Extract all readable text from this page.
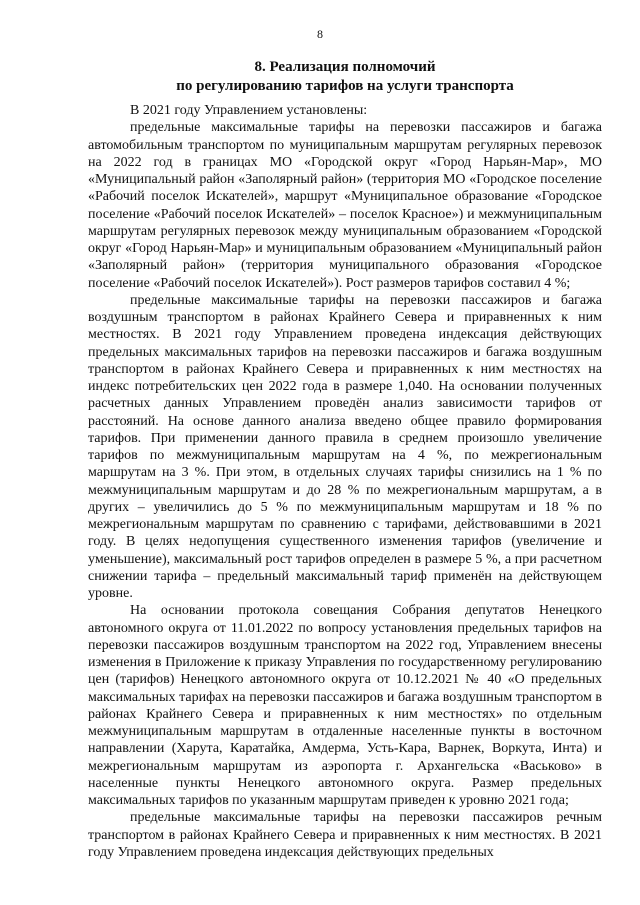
8
8. Реализация полномочий
по регулированию тарифов на услуги транспорта

В 2021 году Управлением установлены:

предельные максимальные тарифы на перевозки пассажиров и багажа автомобильным транспортом по муниципальным маршрутам регулярных перевозок на 2022 год в границах МО «Городской округ «Город Нарьян-Мар», МО «Муниципальный район «Заполярный район» (территория МО «Городское поселение «Рабочий поселок Искателей», маршрут «Муниципальное образование «Городское поселение «Рабочий поселок Искателей» – поселок Красное») и межмуниципальным маршрутам регулярных перевозок между муниципальным образованием «Городской округ «Город Нарьян-Мар» и муниципальным образованием «Муниципальный район «Заполярный район» (территория муниципального образования «Городское поселение «Рабочий поселок Искателей»). Рост размеров тарифов составил 4 %;

предельные максимальные тарифы на перевозки пассажиров и багажа воздушным транспортом в районах Крайнего Севера и приравненных к ним местностях. В 2021 году Управлением проведена индексация действующих предельных максимальных тарифов на перевозки пассажиров и багажа воздушным транспортом в районах Крайнего Севера и приравненных к ним местностях на индекс потребительских цен 2022 года в размере 1,040. На основании полученных расчетных данных Управлением проведён анализ зависимости тарифов от расстояний. На основе данного анализа введено общее правило формирования тарифов. При применении данного правила в среднем произошло увеличение тарифов по межмуниципальным маршрутам на 4 %, по межрегиональным маршрутам на 3 %. При этом, в отдельных случаях тарифы снизились на 1 % по межмуниципальным маршрутам и до 28 % по межрегиональным маршрутам, а в других – увеличились до 5 % по межмуниципальным маршрутам и 18 % по межрегиональным маршрутам по сравнению с тарифами, действовавшими в 2021 году. В целях недопущения существенного изменения тарифов (увеличение и уменьшение), максимальный рост тарифов определен в размере 5 %, а при расчетном снижении тарифа – предельный максимальный тариф применён на действующем уровне.

На основании протокола совещания Собрания депутатов Ненецкого автономного округа от 11.01.2022 по вопросу установления предельных тарифов на перевозки пассажиров воздушным транспортом на 2022 год, Управлением внесены изменения в Приложение к приказу Управления по государственному регулированию цен (тарифов) Ненецкого автономного округа от 10.12.2021 № 40 «О предельных максимальных тарифах на перевозки пассажиров и багажа воздушным транспортом в районах Крайнего Севера и приравненных к ним местностях» по отдельным межмуниципальным маршрутам в отдаленные населенные пункты в восточном направлении (Харута, Каратайка, Амдерма, Усть-Кара, Варнек, Воркута, Инта) и межрегиональным маршрутам из аэропорта г. Архангельска «Васьково» в населенные пункты Ненецкого автономного округа. Размер предельных максимальных тарифов по указанным маршрутам приведен к уровню 2021 года;

предельные максимальные тарифы на перевозки пассажиров речным транспортом в районах Крайнего Севера и приравненных к ним местностях. В 2021 году Управлением проведена индексация действующих предельных
